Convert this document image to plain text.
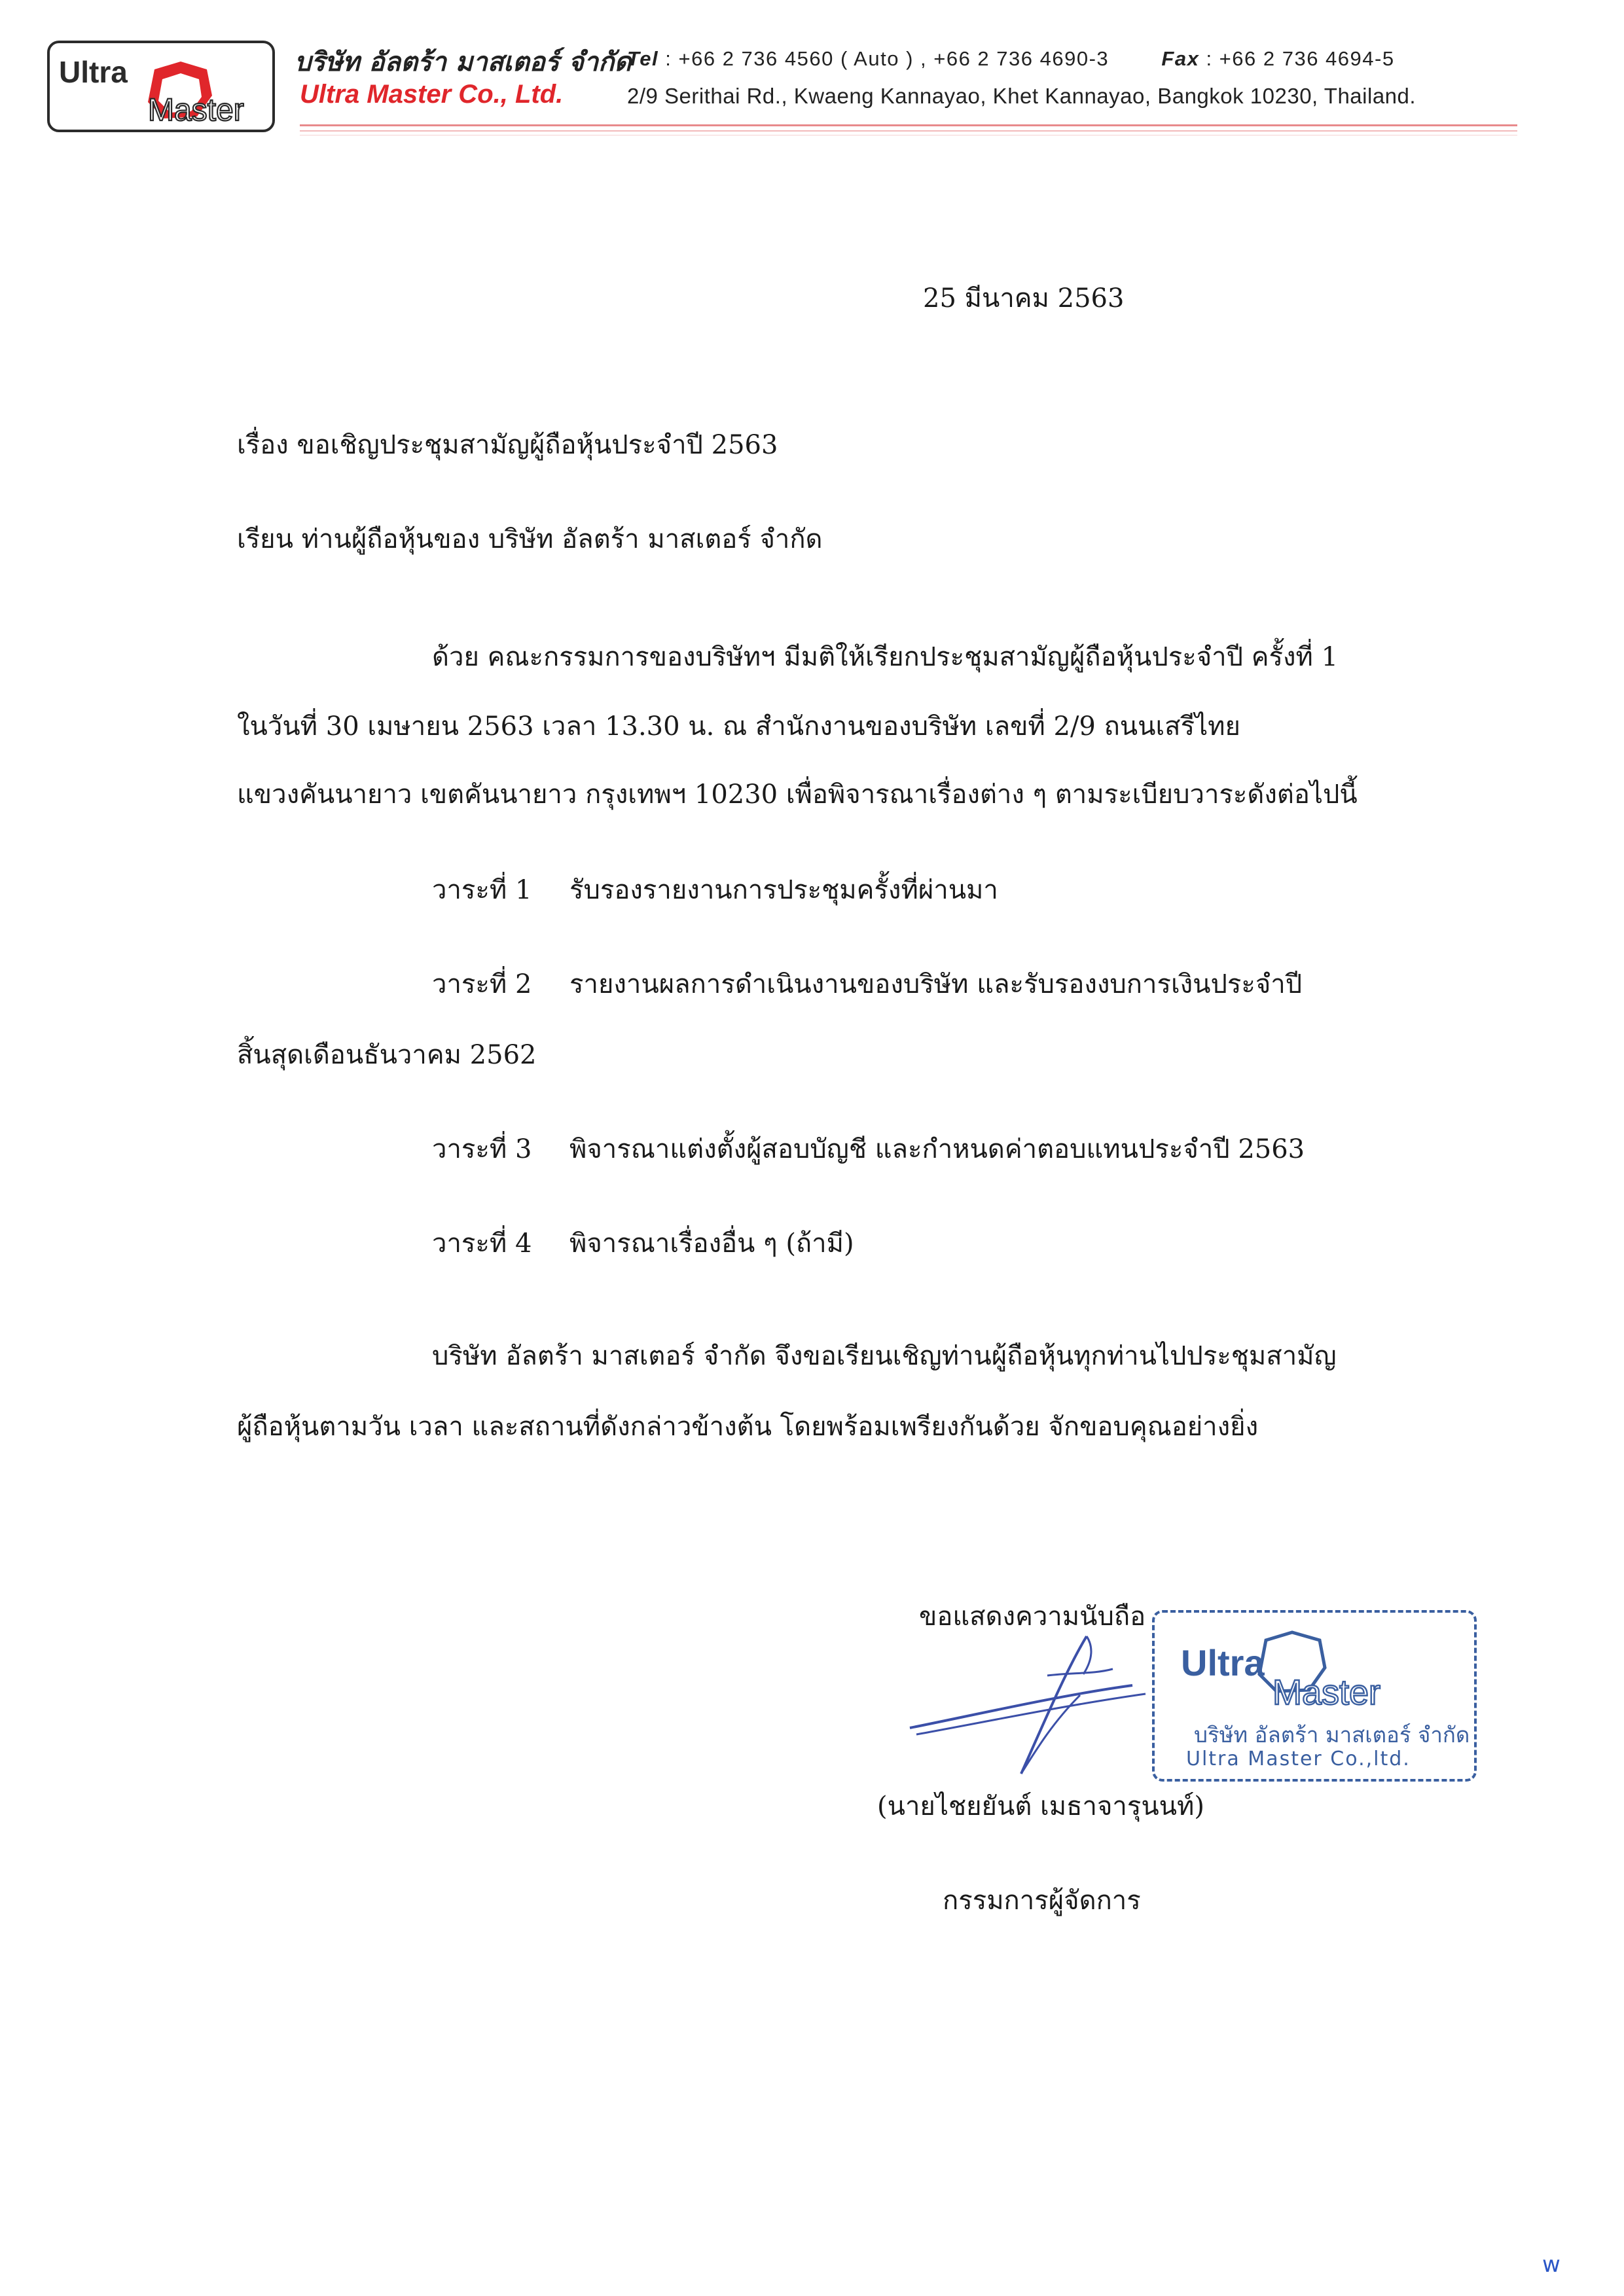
Ultra
Master
บริษัท อัลตร้า มาสเตอร์ จำกัด
Ultra Master Co., Ltd.
Tel : +66 2 736 4560 ( Auto ) , +66 2 736 4690-3	Fax : +66 2 736 4694-5
2/9 Serithai Rd., Kwaeng Kannayao, Khet Kannayao, Bangkok 10230, Thailand.
25 มีนาคม 2563
เรื่อง ขอเชิญประชุมสามัญผู้ถือหุ้นประจำปี 2563
เรียน ท่านผู้ถือหุ้นของ บริษัท อัลตร้า มาสเตอร์ จำกัด
ด้วย คณะกรรมการของบริษัทฯ มีมติให้เรียกประชุมสามัญผู้ถือหุ้นประจำปี ครั้งที่ 1
ในวันที่ 30 เมษายน 2563 เวลา 13.30 น. ณ สำนักงานของบริษัท เลขที่ 2/9 ถนนเสรีไทย
แขวงคันนายาว เขตคันนายาว กรุงเทพฯ 10230 เพื่อพิจารณาเรื่องต่าง ๆ ตามระเบียบวาระดังต่อไปนี้
วาระที่ 1 รับรองรายงานการประชุมครั้งที่ผ่านมา
วาระที่ 2 รายงานผลการดำเนินงานของบริษัท และรับรองงบการเงินประจำปี
สิ้นสุดเดือนธันวาคม 2562
วาระที่ 3 พิจารณาแต่งตั้งผู้สอบบัญชี และกำหนดค่าตอบแทนประจำปี 2563
วาระที่ 4 พิจารณาเรื่องอื่น ๆ (ถ้ามี)
บริษัท อัลตร้า มาสเตอร์ จำกัด จึงขอเรียนเชิญท่านผู้ถือหุ้นทุกท่านไปประชุมสามัญ
ผู้ถือหุ้นตามวัน เวลา และสถานที่ดังกล่าวข้างต้น โดยพร้อมเพรียงกันด้วย จักขอบคุณอย่างยิ่ง
ขอแสดงความนับถือ
Ultra
Master
บริษัท อัลตร้า มาสเตอร์ จำกัด
Ultra Master Co.,ltd.
(นายไชยยันต์ เมธาจารุนนท์)
กรรมการผู้จัดการ
w
